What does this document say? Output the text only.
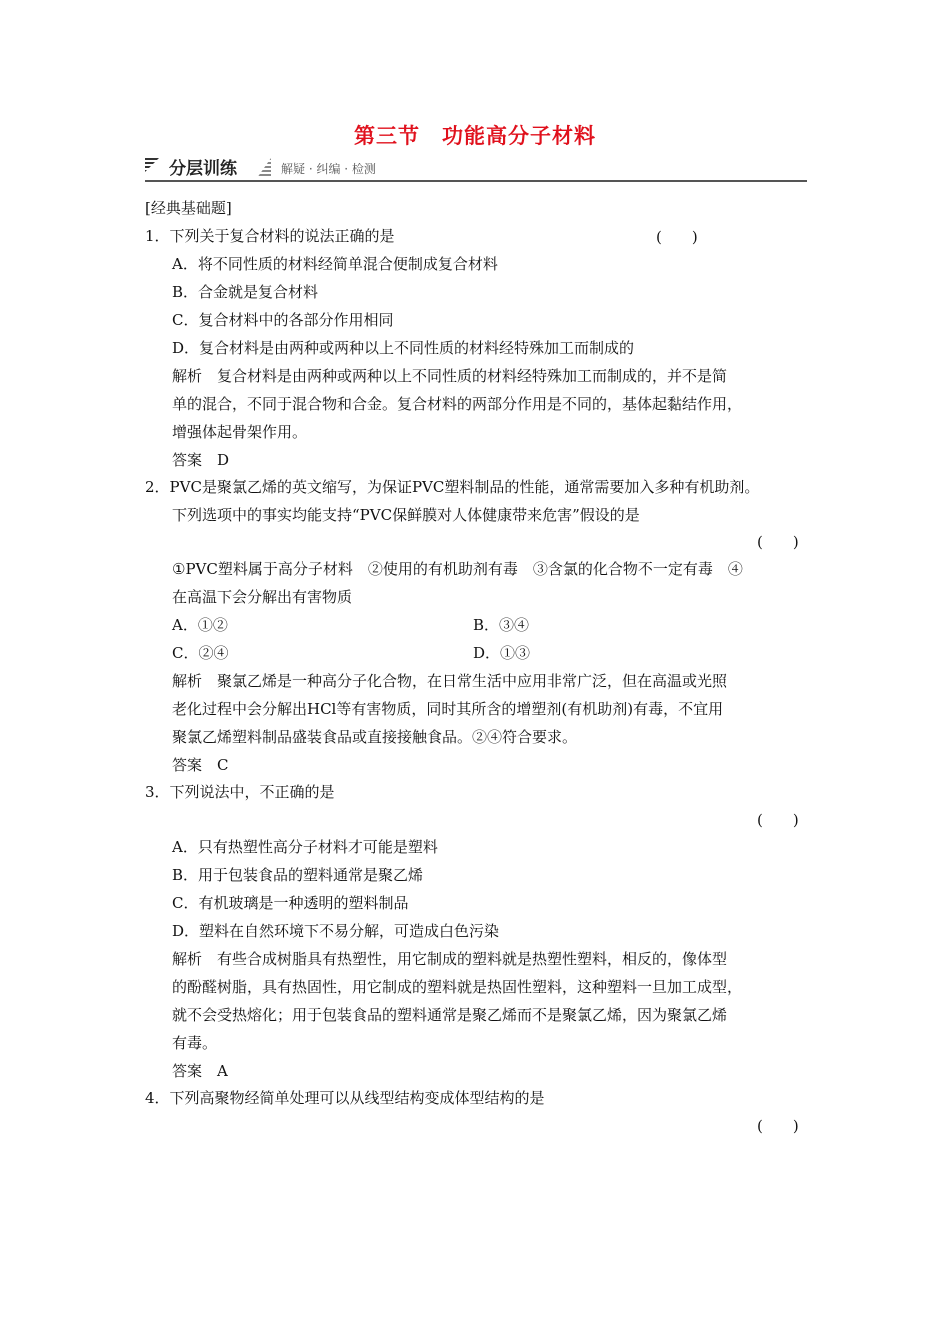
第三节　功能高分子材料
分层训练	解疑 · 纠编 · 检测
[经典基础题]
1．下列关于复合材料的说法正确的是	(　　)
A．将不同性质的材料经简单混合便制成复合材料
B．合金就是复合材料
C．复合材料中的各部分作用相同
D．复合材料是由两种或两种以上不同性质的材料经特殊加工而制成的
解析　复合材料是由两种或两种以上不同性质的材料经特殊加工而制成的，并不是简
单的混合，不同于混合物和合金。复合材料的两部分作用是不同的，基体起黏结作用，
增强体起骨架作用。
答案　D
2．PVC是聚氯乙烯的英文缩写，为保证PVC塑料制品的性能，通常需要加入多种有机助剂。
下列选项中的事实均能支持“PVC保鲜膜对人体健康带来危害”假设的是
(　　)
①PVC塑料属于高分子材料　②使用的有机助剂有毒　③含氯的化合物不一定有毒　④
在高温下会分解出有害物质
A．①②	B．③④
C．②④	D．①③
解析　聚氯乙烯是一种高分子化合物，在日常生活中应用非常广泛，但在高温或光照
老化过程中会分解出HCl等有害物质，同时其所含的增塑剂(有机助剂)有毒，不宜用
聚氯乙烯塑料制品盛装食品或直接接触食品。②④符合要求。
答案　C
3．下列说法中，不正确的是
(　　)
A．只有热塑性高分子材料才可能是塑料
B．用于包装食品的塑料通常是聚乙烯
C．有机玻璃是一种透明的塑料制品
D．塑料在自然环境下不易分解，可造成白色污染
解析　有些合成树脂具有热塑性，用它制成的塑料就是热塑性塑料，相反的，像体型
的酚醛树脂，具有热固性，用它制成的塑料就是热固性塑料，这种塑料一旦加工成型，
就不会受热熔化；用于包装食品的塑料通常是聚乙烯而不是聚氯乙烯，因为聚氯乙烯
有毒。
答案　A
4．下列高聚物经简单处理可以从线型结构变成体型结构的是
(　　)
